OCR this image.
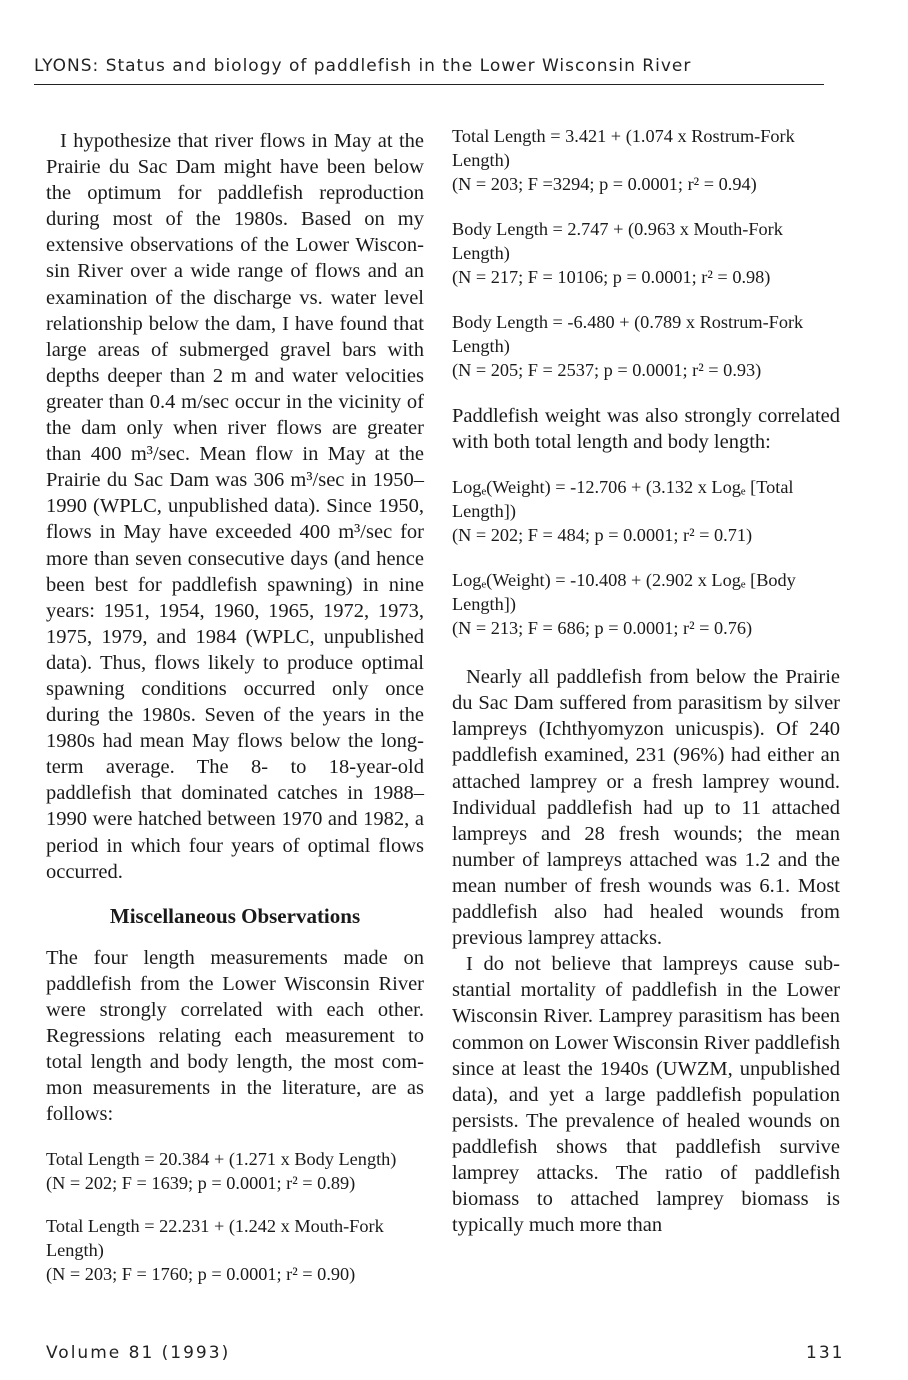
LYONS: Status and biology of paddlefish in the Lower Wisconsin River

I hypothesize that river flows in May at the Prairie du Sac Dam might have been below the optimum for paddlefish reproduction during most of the 1980s. Based on my extensive observations of the Lower Wisconsin River over a wide range of flows and an examination of the discharge vs. water level relationship below the dam, I have found that large areas of submerged gravel bars with depths deeper than 2 m and water velocities greater than 0.4 m/sec occur in the vicinity of the dam only when river flows are greater than 400 m³/sec. Mean flow in May at the Prairie du Sac Dam was 306 m³/sec in 1950–1990 (WPLC, unpublished data). Since 1950, flows in May have exceeded 400 m³/sec for more than seven consecutive days (and hence been best for paddlefish spawning) in nine years: 1951, 1954, 1960, 1965, 1972, 1973, 1975, 1979, and 1984 (WPLC, unpublished data). Thus, flows likely to produce optimal spawning conditions occurred only once during the 1980s. Seven of the years in the 1980s had mean May flows below the long-term average. The 8- to 18-year-old paddlefish that dominated catches in 1988–1990 were hatched between 1970 and 1982, a period in which four years of optimal flows occurred.

Miscellaneous Observations

The four length measurements made on paddlefish from the Lower Wisconsin River were strongly correlated with each other. Regressions relating each measurement to total length and body length, the most common measurements in the literature, are as follows:

Total Length = 20.384 + (1.271 x Body Length)
(N = 202; F = 1639; p = 0.0001; r² = 0.89)
Total Length = 22.231 + (1.242 x Mouth-Fork Length)
(N = 203; F = 1760; p = 0.0001; r² = 0.90)
Total Length = 3.421 + (1.074 x Rostrum-Fork Length)
(N = 203; F =3294; p = 0.0001; r² = 0.94)
Body Length = 2.747 + (0.963 x Mouth-Fork Length)
(N = 217; F = 10106; p = 0.0001; r² = 0.98)
Body Length = -6.480 + (0.789 x Rostrum-Fork Length)
(N = 205; F = 2537; p = 0.0001; r² = 0.93)

Paddlefish weight was also strongly correlated with both total length and body length:

Logₑ(Weight) = -12.706 + (3.132 x Logₑ [Total Length])
(N = 202; F = 484; p = 0.0001; r² = 0.71)
Logₑ(Weight) = -10.408 + (2.902 x Logₑ [Body Length])
(N = 213; F = 686; p = 0.0001; r² = 0.76)

Nearly all paddlefish from below the Prairie du Sac Dam suffered from parasitism by silver lampreys (Ichthyomyzon unicuspis). Of 240 paddlefish examined, 231 (96%) had either an attached lamprey or a fresh lamprey wound. Individual paddlefish had up to 11 attached lampreys and 28 fresh wounds; the mean number of lampreys attached was 1.2 and the mean number of fresh wounds was 6.1. Most paddlefish also had healed wounds from previous lamprey attacks.

I do not believe that lampreys cause substantial mortality of paddlefish in the Lower Wisconsin River. Lamprey parasitism has been common on Lower Wisconsin River paddlefish since at least the 1940s (UWZM, unpublished data), and yet a large paddlefish population persists. The prevalence of healed wounds on paddlefish shows that paddlefish survive lamprey attacks. The ratio of paddlefish biomass to attached lamprey biomass is typically much more than

Volume 81 (1993)	131
